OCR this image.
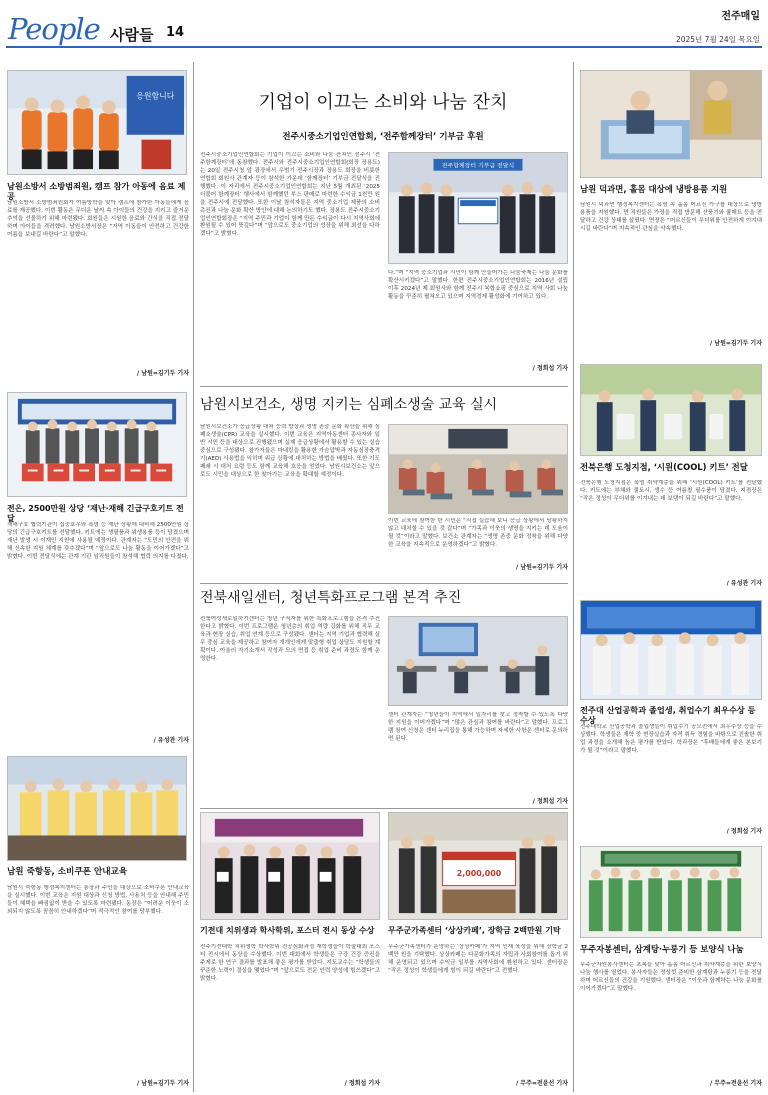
People 사람들 14
전주매일
2025년 7월 24일 목요일
응원합니다
남원소방서 소방범죄원, 캠프 참가 아동에 음료 제공
남원소방서 소방범죄원회가 여름방학을 맞아 캠프에 참가한 아동들에게 음료를 제공했다. 이번 활동은 무더운 날씨 속 아이들의 건강을 지키고 즐거운 추억을 선물하기 위해 마련됐다. 회원들은 시원한 음료와 간식을 직접 전달하며 아이들을 격려했다. 남원소방서장은 “지역 아동들이 안전하고 건강한 여름을 보내길 바란다”고 말했다.
/ 남원=김기두 기자
전은, 2500만원 상당 ‘재난·재해 긴급구호키트 전달
재해구호 협력기관이 집중호우와 폭염 등 재난 상황에 대비해 2500만원 상당의 긴급구호키트를 전달했다. 키트에는 생필품과 위생용품 등이 담겼으며 재난 발생 시 이재민 지원에 사용될 예정이다. 관계자는 “도민의 안전을 위해 신속한 지원 체계를 갖추겠다”며 “앞으로도 나눔 활동을 이어가겠다”고 밝혔다. 이번 전달식에는 관계 기관 임직원들이 참석해 협력 의지를 다졌다.
/ 유성관 기자
남원 죽항동, 소비쿠폰 안내교육
남원시 죽항동 행정복지센터는 통장과 주민을 대상으로 소비쿠폰 안내교육을 실시했다. 이번 교육은 지원 대상과 신청 방법, 사용처 등을 안내해 주민들이 혜택을 빠짐없이 받을 수 있도록 마련됐다. 동장은 “어려운 이웃이 소외되지 않도록 꼼꼼히 안내하겠다”며 적극적인 참여를 당부했다.
/ 남원=김기두 기자
기업이 이끄는 소비와 나눔 잔치
전주시중소기업인연합회, ‘전주함께장터’ 기부금 후원
전주시중소기업인연합회는 기업이 이끄는 소비와 나눔 잔치인 전주시 ‘전주함께장터’에 동참했다. 전주시와 전주시중소기업인연합회(회장 장용도)는 20일 전주시청 앞 광장에서 우범기 전주시장과 장용도 회장을 비롯한 연합회 회원사 관계자 등이 참석한 가운데 ‘함께장터’ 기부금 전달식을 진행했다. 이 자리에서 전주시중소기업인연합회는 지난 5월 개최된 ‘2025 더불어 함께장터’ 행사에서 함께했던 부스 판매로 마련한 수익금 1천만 원을 전주시에 전달했다. 또한 이날 참석자들은 지역 중소기업 제품의 소비 촉진과 나눔 문화 확산 방안에 대해 논의하기도 했다. 장용도 전주시중소기업인연합회장은 “지역 주민과 기업이 함께 만든 수익금이 다시 지역사회에 환원될 수 있어 뜻깊다”며 “앞으로도 중소기업의 성장을 위해 최선을 다하겠다”고 밝혔다.
전주함께장터 기부금 전달식
다.”며 “지역 중소기업과 시민이 함께 만들어가는 나눔축제는 나눔 문화를 확산시키겠다”고 말했다. 한편 전주시중소기업인연합회는 2016년 설립 이후 2024년 제 회원사와 함께 전주시 복합쇼핑 중심으로 지역 사회 나눔 활동을 꾸준히 펼쳐오고 있으며 지역경제 활성화에 기여하고 있다.
/ 정회섭 기자
남원시보건소, 생명 지키는 심폐소생술 교육 실시
남원시보건소가 응급상황 대처 능력 향상과 생명 존중 문화 확산을 위해 심폐소생술(CPR) 교육을 실시했다. 이번 교육은 지역아동센터 종사자와 일반 시민 등을 대상으로 진행됐으며 실제 응급상황에서 활용할 수 있는 실습 중심으로 구성됐다. 참가자들은 마네킹을 활용한 가슴압박과 자동심장충격기(AED) 사용법을 익히며 위급 상황에 대처하는 방법을 배웠다. 또한 기도 폐쇄 시 대처 요령 등도 함께 교육해 호응을 얻었다. 남원시보건소는 앞으로도 시민을 대상으로 한 찾아가는 교육을 확대할 예정이다.
이번 교육에 참여한 한 시민은 “직접 실습해 보니 응급 상황에서 당황하지 않고 대처할 수 있을 것 같다”며 “가족과 이웃의 생명을 지키는 데 도움이 될 것”이라고 말했다. 보건소 관계자는 “생명 존중 문화 정착을 위해 다양한 교육을 지속적으로 운영하겠다”고 밝혔다.
/ 남원=김기두 기자
전북새일센터, 청년특화프로그램 본격 추진
전북여성새로일하기센터는 청년 구직자를 위한 특화프로그램을 본격 추진한다고 밝혔다. 이번 프로그램은 청년층의 취업 역량 강화를 위해 직무 교육과 현장 실습, 취업 연계 등으로 구성됐다. 센터는 지역 기업과 협력해 실무 중심 교육을 제공하고 참여자 개개인에게 맞춤형 취업 상담도 지원할 계획이다. 아울러 자기소개서 작성과 모의 면접 등 취업 준비 과정도 함께 운영한다.
센터 관계자는 “청년들이 지역에서 일자리를 찾고 정착할 수 있도록 다양한 지원을 이어가겠다”며 “많은 관심과 참여를 바란다”고 말했다. 프로그램 참여 신청은 센터 누리집을 통해 가능하며 자세한 사항은 센터로 문의하면 된다.
/ 정회섭 기자
기전대 치위생과 학사학위, 포스터 전시 동상 수상
전주기전대학 치위생학 학사학위 전공심화과정 재학생들이 학술대회 포스터 전시에서 동상을 수상했다. 이번 대회에서 학생들은 구강 건강 증진을 주제로 한 연구 결과를 발표해 좋은 평가를 받았다. 지도교수는 “학생들의 꾸준한 노력이 결실을 맺었다”며 “앞으로도 전문 인력 양성에 힘쓰겠다”고 밝혔다.
/ 정회섭 기자
2,000,000
무주군가족센터 ‘상상카페’, 장학금 2백만원 기탁
무주군가족센터가 운영하는 ‘상상카페’가 지역 인재 육성을 위해 장학금 2백만 원을 기탁했다. 상상카페는 다문화가족의 자립과 사회참여를 돕기 위해 운영되고 있으며 수익금 일부를 지역사회에 환원하고 있다. 센터장은 “작은 정성이 학생들에게 힘이 되길 바란다”고 전했다.
/ 무주=전윤선 기자
남원 덕과면, 홀몸 대상에 냉방용품 지원
남원시 덕과면 행정복지센터는 폭염 속 홀몸 어르신 가구를 대상으로 냉방용품을 지원했다. 면 직원들은 가정을 직접 방문해 선풍기와 쿨매트 등을 전달하고 건강 상태를 살폈다. 면장은 “어르신들이 무더위를 안전하게 이겨내시길 바란다”며 지속적인 관심을 약속했다.
/ 남원=김기두 기자
전북은행 도청지점, ‘시원(COOL) 키트’ 전달
전북은행 도청지점은 폭염 취약계층을 위해 ‘시원(COOL) 키트’를 전달했다. 키트에는 부채와 쿨토시, 생수 등 여름철 필수품이 담겼다. 지점장은 “작은 정성이 무더위를 이겨내는 데 보탬이 되길 바란다”고 말했다.
/ 유성관 기자
전주대 산업공학과 졸업생, 취업수기 최우수상 등 수상
전주대학교 산업공학과 졸업생들이 취업수기 공모전에서 최우수상 등을 수상했다. 학생들은 재학 중 현장실습과 자격 취득 경험을 바탕으로 진솔한 취업 과정을 소개해 높은 평가를 받았다. 학과장은 “후배들에게 좋은 본보기가 될 것”이라고 말했다.
/ 정회섭 기자
무주자봉센터, 삼계탕·누룽기 등 보양식 나눔
무주군자원봉사센터는 초복을 맞아 홀몸 어르신과 취약계층을 위한 보양식 나눔 행사를 열었다. 봉사자들은 정성껏 준비한 삼계탕과 누룽기 등을 전달하며 어르신들의 건강을 기원했다. 센터장은 “이웃과 함께하는 나눔 문화를 이어가겠다”고 말했다.
/ 무주=전윤선 기자
